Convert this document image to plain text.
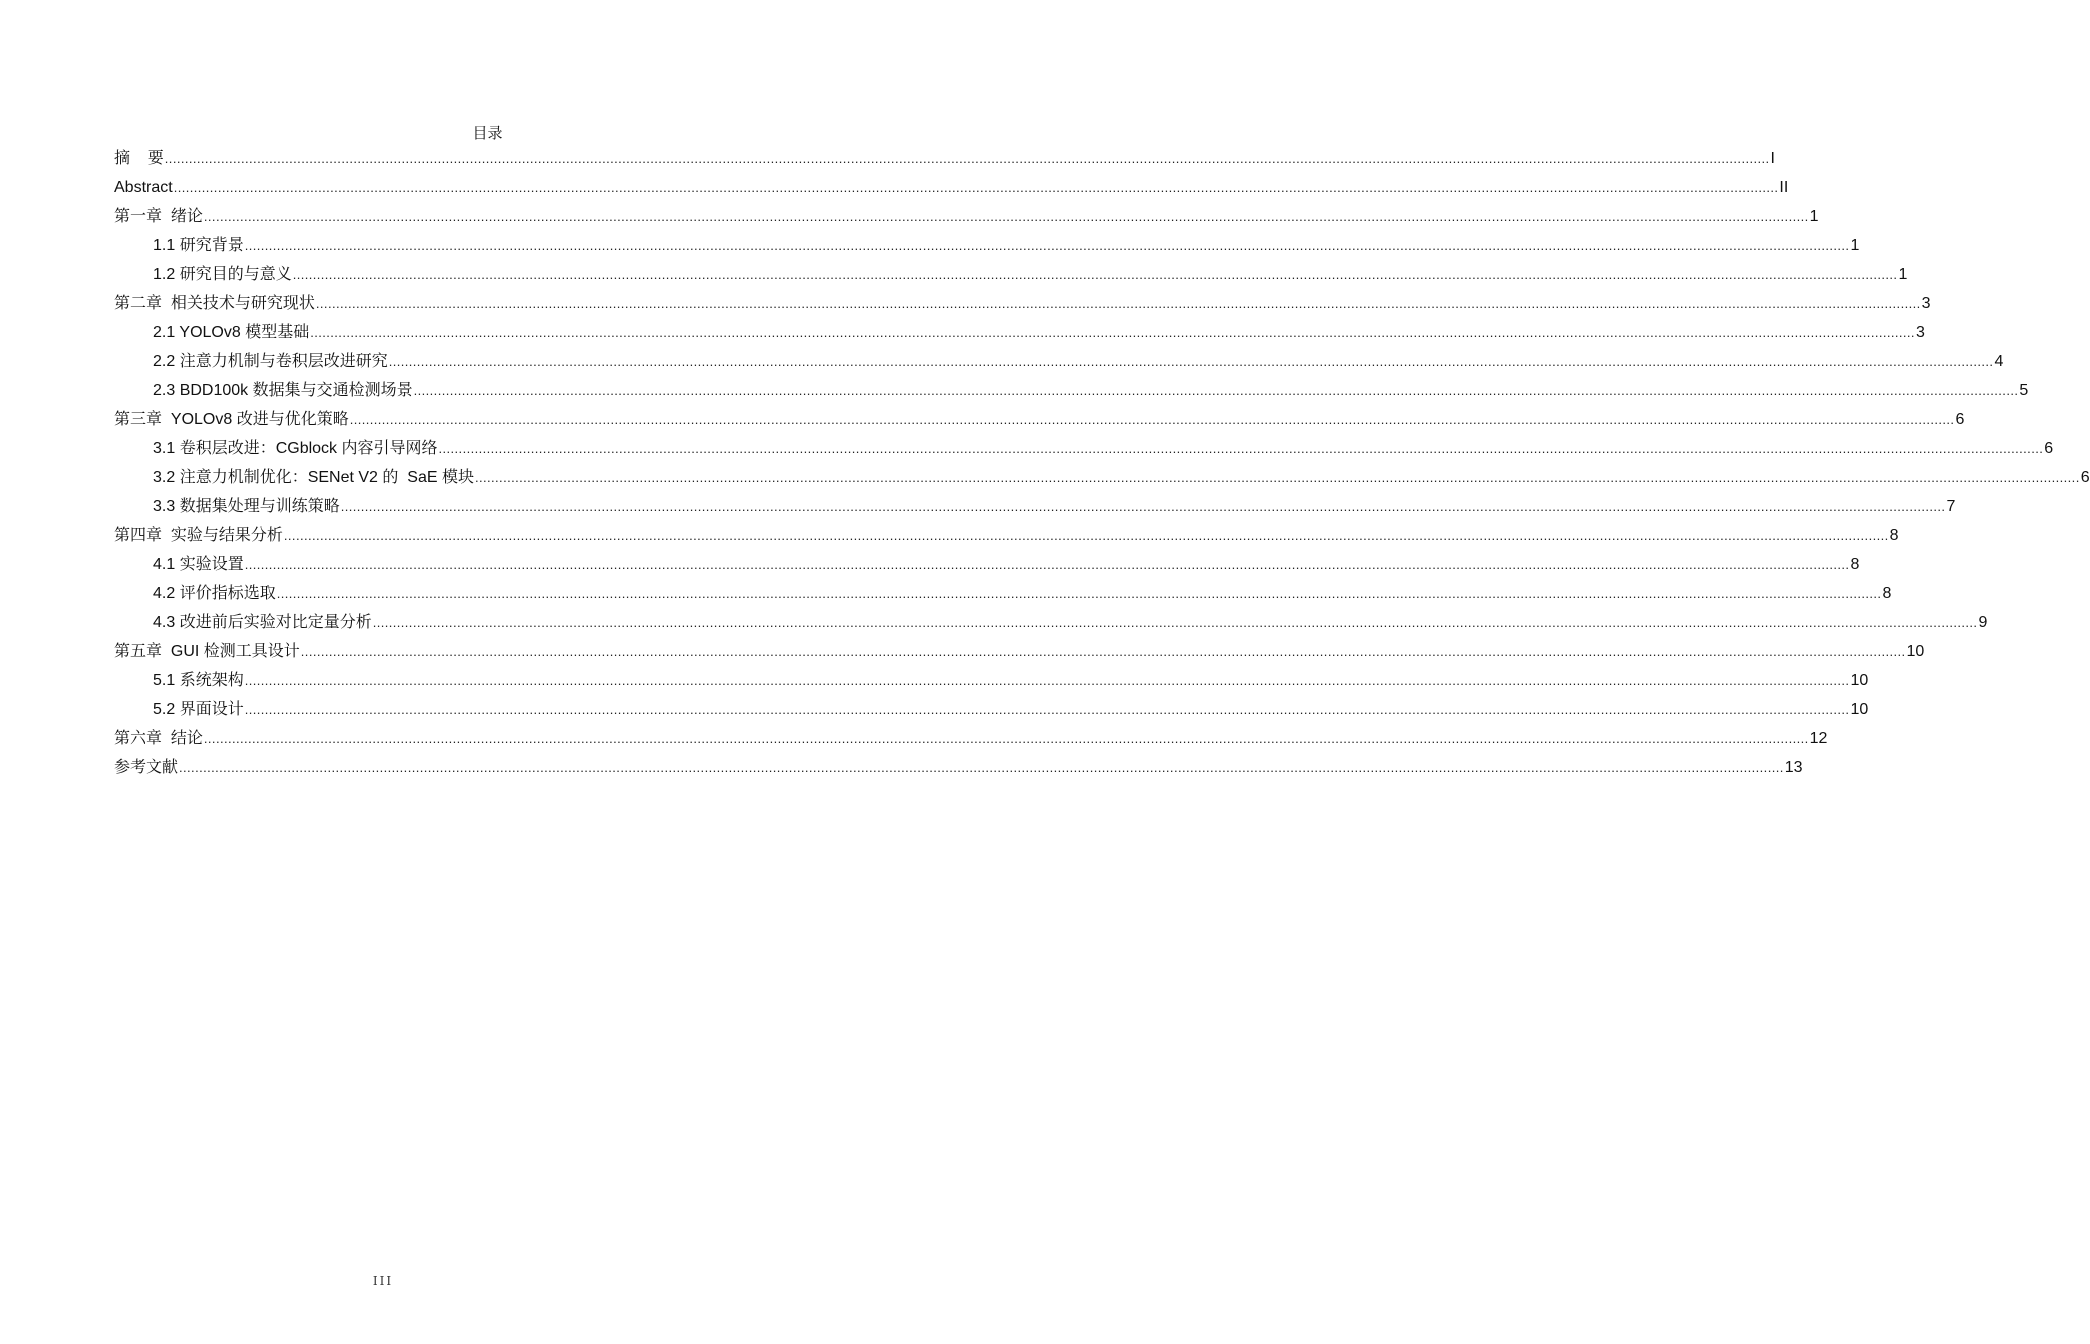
目录
摘    要 ................................................................................................................................................................................................................................................................................................................................................................................................................ I
Abstract ................................................................................................................................................................................................................................................................................................................................................................................................................ II
第一章  绪论 ................................................................................................................................................................................................................................................................................................................................................................................................................ 1
1.1 研究背景 ................................................................................................................................................................................................................................................................................................................................................................................................................ 1
1.2 研究目的与意义 ................................................................................................................................................................................................................................................................................................................................................................................................................ 1
第二章  相关技术与研究现状 ................................................................................................................................................................................................................................................................................................................................................................................................................ 3
2.1 YOLOv8 模型基础 ................................................................................................................................................................................................................................................................................................................................................................................................................ 3
2.2 注意力机制与卷积层改进研究 ................................................................................................................................................................................................................................................................................................................................................................................................................ 4
2.3 BDD100k 数据集与交通检测场景 ................................................................................................................................................................................................................................................................................................................................................................................................................ 5
第三章  YOLOv8 改进与优化策略 ................................................................................................................................................................................................................................................................................................................................................................................................................ 6
3.1 卷积层改进：CGblock 内容引导网络 ................................................................................................................................................................................................................................................................................................................................................................................................................ 6
3.2 注意力机制优化：SENet V2 的  SaE 模块 ................................................................................................................................................................................................................................................................................................................................................................................................................ 6
3.3 数据集处理与训练策略 ................................................................................................................................................................................................................................................................................................................................................................................................................ 7
第四章  实验与结果分析 ................................................................................................................................................................................................................................................................................................................................................................................................................ 8
4.1 实验设置 ................................................................................................................................................................................................................................................................................................................................................................................................................ 8
4.2 评价指标选取 ................................................................................................................................................................................................................................................................................................................................................................................................................ 8
4.3 改进前后实验对比定量分析 ................................................................................................................................................................................................................................................................................................................................................................................................................ 9
第五章  GUI 检测工具设计 ................................................................................................................................................................................................................................................................................................................................................................................................................ 10
5.1 系统架构 ................................................................................................................................................................................................................................................................................................................................................................................................................ 10
5.2 界面设计 ................................................................................................................................................................................................................................................................................................................................................................................................................ 10
第六章  结论 ................................................................................................................................................................................................................................................................................................................................................................................................................ 12
参考文献 ................................................................................................................................................................................................................................................................................................................................................................................................................ 13
III
